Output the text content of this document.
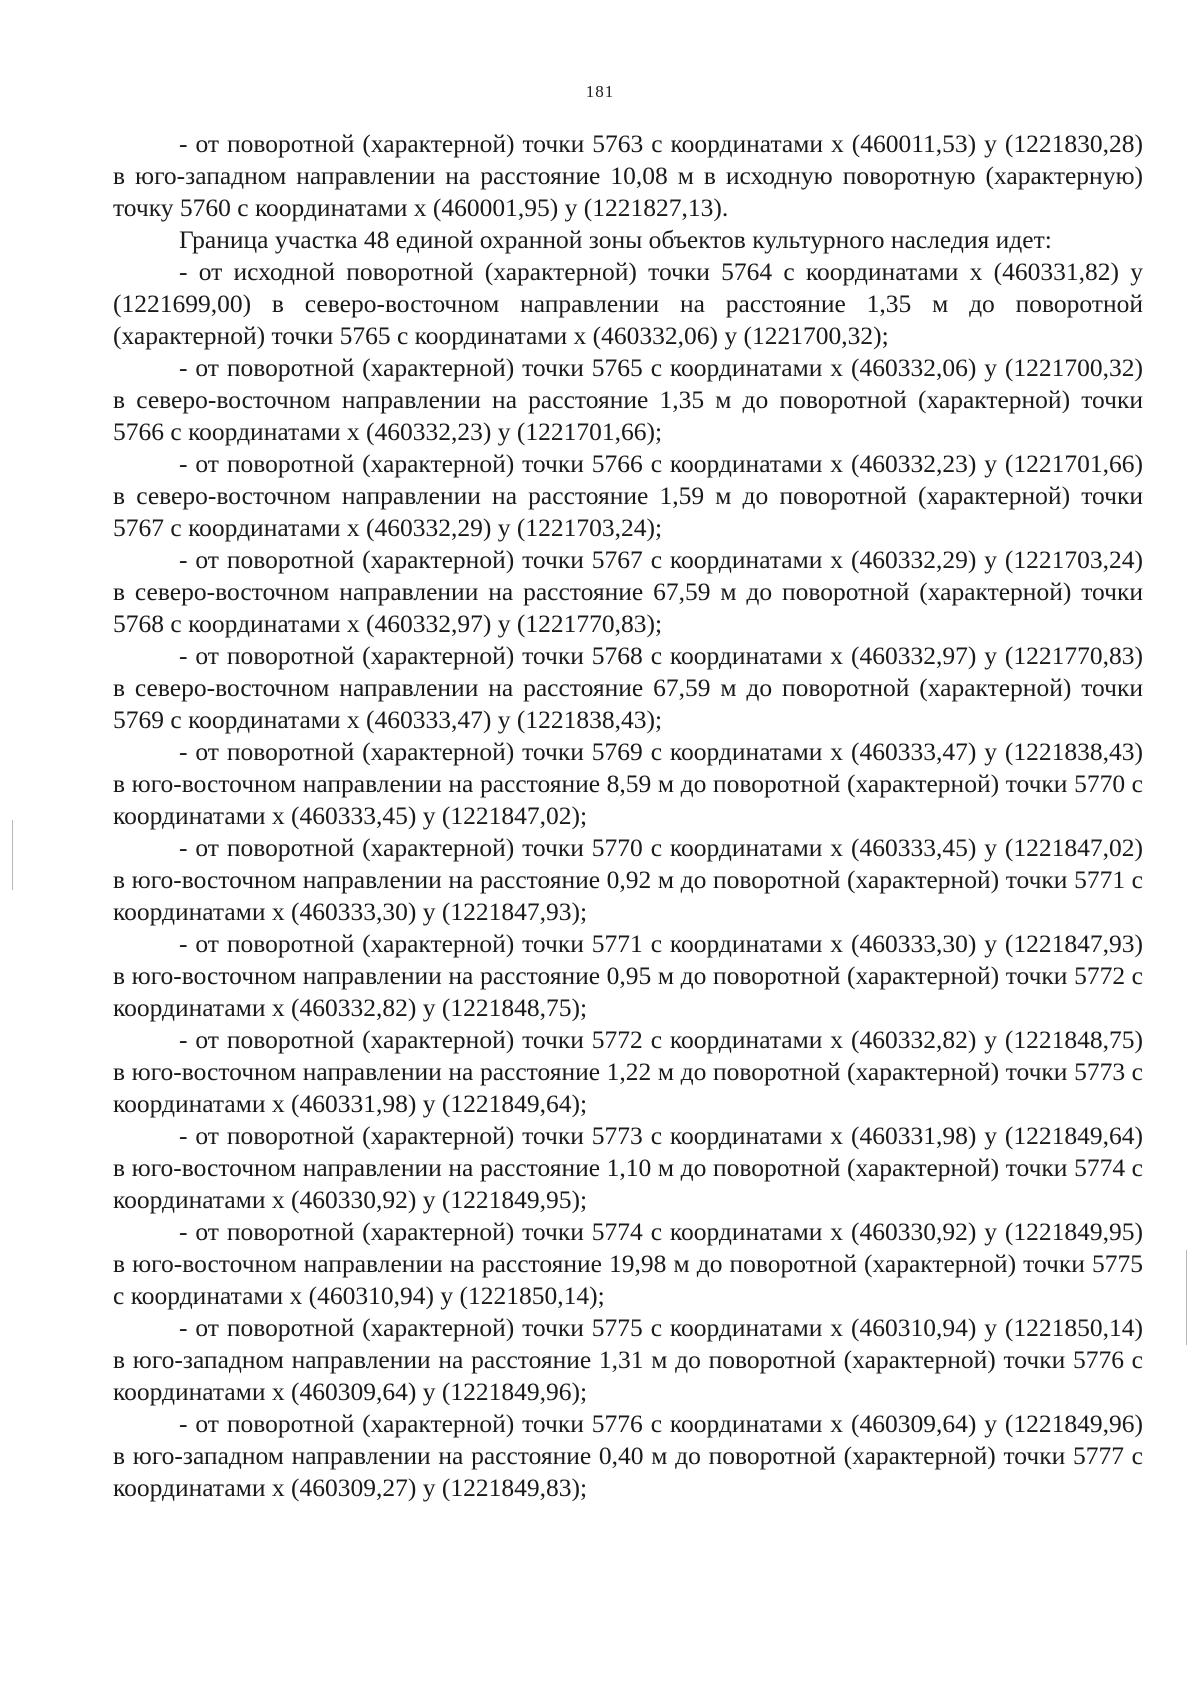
181

- от поворотной (характерной) точки 5763 с координатами х (460011,53) у (1221830,28) в юго-западном направлении на расстояние 10,08 м в исходную поворотную (характерную) точку 5760 с координатами х (460001,95) у (1221827,13).

Граница участка 48 единой охранной зоны объектов культурного наследия идет:

- от исходной поворотной (характерной) точки 5764 с координатами х (460331,82) у (1221699,00) в северо-восточном направлении на расстояние 1,35 м до поворотной (характерной) точки 5765 с координатами х (460332,06) у (1221700,32);

- от поворотной (характерной) точки 5765 с координатами х (460332,06) у (1221700,32) в северо-восточном направлении на расстояние 1,35 м до поворотной (характерной) точки 5766 с координатами х (460332,23) у (1221701,66);

- от поворотной (характерной) точки 5766 с координатами х (460332,23) у (1221701,66) в северо-восточном направлении на расстояние 1,59 м до поворотной (характерной) точки 5767 с координатами х (460332,29) у (1221703,24);

- от поворотной (характерной) точки 5767 с координатами х (460332,29) у (1221703,24) в северо-восточном направлении на расстояние 67,59 м до поворотной (характерной) точки 5768 с координатами х (460332,97) у (1221770,83);

- от поворотной (характерной) точки 5768 с координатами х (460332,97) у (1221770,83) в северо-восточном направлении на расстояние 67,59 м до поворотной (характерной) точки 5769 с координатами х (460333,47) у (1221838,43);

- от поворотной (характерной) точки 5769 с координатами х (460333,47) у (1221838,43) в юго-восточном направлении на расстояние 8,59 м до поворотной (характерной) точки 5770 с координатами х (460333,45) у (1221847,02);

- от поворотной (характерной) точки 5770 с координатами х (460333,45) у (1221847,02) в юго-восточном направлении на расстояние 0,92 м до поворотной (характерной) точки 5771 с координатами х (460333,30) у (1221847,93);

- от поворотной (характерной) точки 5771 с координатами х (460333,30) у (1221847,93) в юго-восточном направлении на расстояние 0,95 м до поворотной (характерной) точки 5772 с координатами х (460332,82) у (1221848,75);

- от поворотной (характерной) точки 5772 с координатами х (460332,82) у (1221848,75) в юго-восточном направлении на расстояние 1,22 м до поворотной (характерной) точки 5773 с координатами х (460331,98) у (1221849,64);

- от поворотной (характерной) точки 5773 с координатами х (460331,98) у (1221849,64) в юго-восточном направлении на расстояние 1,10 м до поворотной (характерной) точки 5774 с координатами х (460330,92) у (1221849,95);

- от поворотной (характерной) точки 5774 с координатами х (460330,92) у (1221849,95) в юго-восточном направлении на расстояние 19,98 м до поворотной (характерной) точки 5775 с координатами х (460310,94) у (1221850,14);

- от поворотной (характерной) точки 5775 с координатами х (460310,94) у (1221850,14) в юго-западном направлении на расстояние 1,31 м до поворотной (характерной) точки 5776 с координатами х (460309,64) у (1221849,96);

- от поворотной (характерной) точки 5776 с координатами х (460309,64) у (1221849,96) в юго-западном направлении на расстояние 0,40 м до поворотной (характерной) точки 5777 с координатами х (460309,27) у (1221849,83);
